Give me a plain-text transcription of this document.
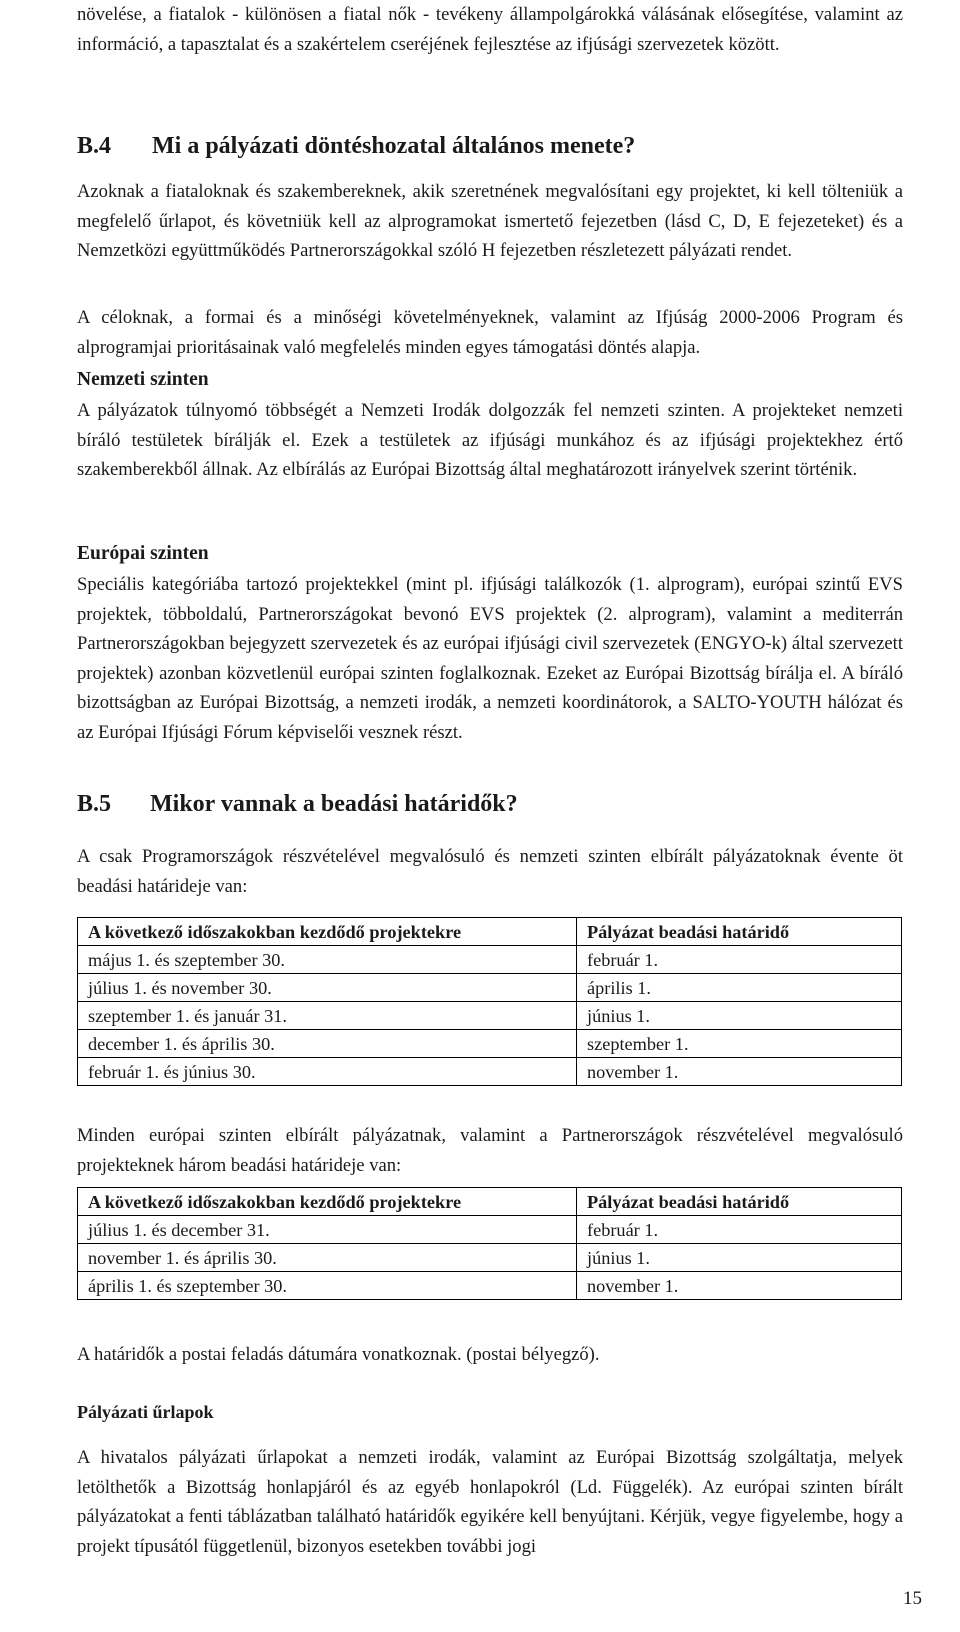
növelése, a fiatalok - különösen a fiatal nők - tevékeny állampolgárokká válásának elősegítése, valamint az információ, a tapasztalat és a szakértelem cseréjének fejlesztése az ifjúsági szervezetek között.

B.4 Mi a pályázati döntéshozatal általános menete?

Azoknak a fiataloknak és szakembereknek, akik szeretnének megvalósítani egy projektet, ki kell tölteniük a megfelelő űrlapot, és követniük kell az alprogramokat ismertető fejezetben (lásd C, D, E fejezeteket) és a Nemzetközi együttműködés Partnerországokkal szóló H fejezetben részletezett pályázati rendet.

A céloknak, a formai és a minőségi követelményeknek, valamint az Ifjúság 2000-2006 Program és alprogramjai prioritásainak való megfelelés minden egyes támogatási döntés alapja.

Nemzeti szinten

A pályázatok túlnyomó többségét a Nemzeti Irodák dolgozzák fel nemzeti szinten. A projekteket nemzeti bíráló testületek bírálják el. Ezek a testületek az ifjúsági munkához és az ifjúsági projektekhez értő szakemberekből állnak. Az elbírálás az Európai Bizottság által meghatározott irányelvek szerint történik.

Európai szinten

Speciális kategóriába tartozó projektekkel (mint pl. ifjúsági találkozók (1. alprogram), európai szintű EVS projektek, többoldalú, Partnerországokat bevonó EVS projektek (2. alprogram), valamint a mediterrán Partnerországokban bejegyzett szervezetek és az európai ifjúsági civil szervezetek (ENGYO-k) által szervezett projektek) azonban közvetlenül európai szinten foglalkoznak. Ezeket az Európai Bizottság bírálja el. A bíráló bizottságban az Európai Bizottság, a nemzeti irodák, a nemzeti koordinátorok, a SALTO-YOUTH hálózat és az Európai Ifjúsági Fórum képviselői vesznek részt.

B.5 Mikor vannak a beadási határidők?

A csak Programországok részvételével megvalósuló és nemzeti szinten elbírált pályázatoknak évente öt beadási határideje van:

A következő időszakokban kezdődő projektekre	Pályázat beadási határidő
május 1. és szeptember 30.	február 1.
július 1. és november 30.	április 1.
szeptember 1. és január 31.	június 1.
december 1. és április 30.	szeptember 1.
február 1. és június 30.	november 1.

Minden európai szinten elbírált pályázatnak, valamint a Partnerországok részvételével megvalósuló projekteknek három beadási határideje van:

A következő időszakokban kezdődő projektekre	Pályázat beadási határidő
július 1. és december 31.	február 1.
november 1. és április 30.	június 1.
április 1. és szeptember 30.	november 1.

A határidők a postai feladás dátumára vonatkoznak. (postai bélyegző).

Pályázati űrlapok

A hivatalos pályázati űrlapokat a nemzeti irodák, valamint az Európai Bizottság szolgáltatja, melyek letölthetők a Bizottság honlapjáról és az egyéb honlapokról (Ld. Függelék). Az európai szinten bírált pályázatokat a fenti táblázatban található határidők egyikére kell benyújtani. Kérjük, vegye figyelembe, hogy a projekt típusától függetlenül, bizonyos esetekben további jogi

15
